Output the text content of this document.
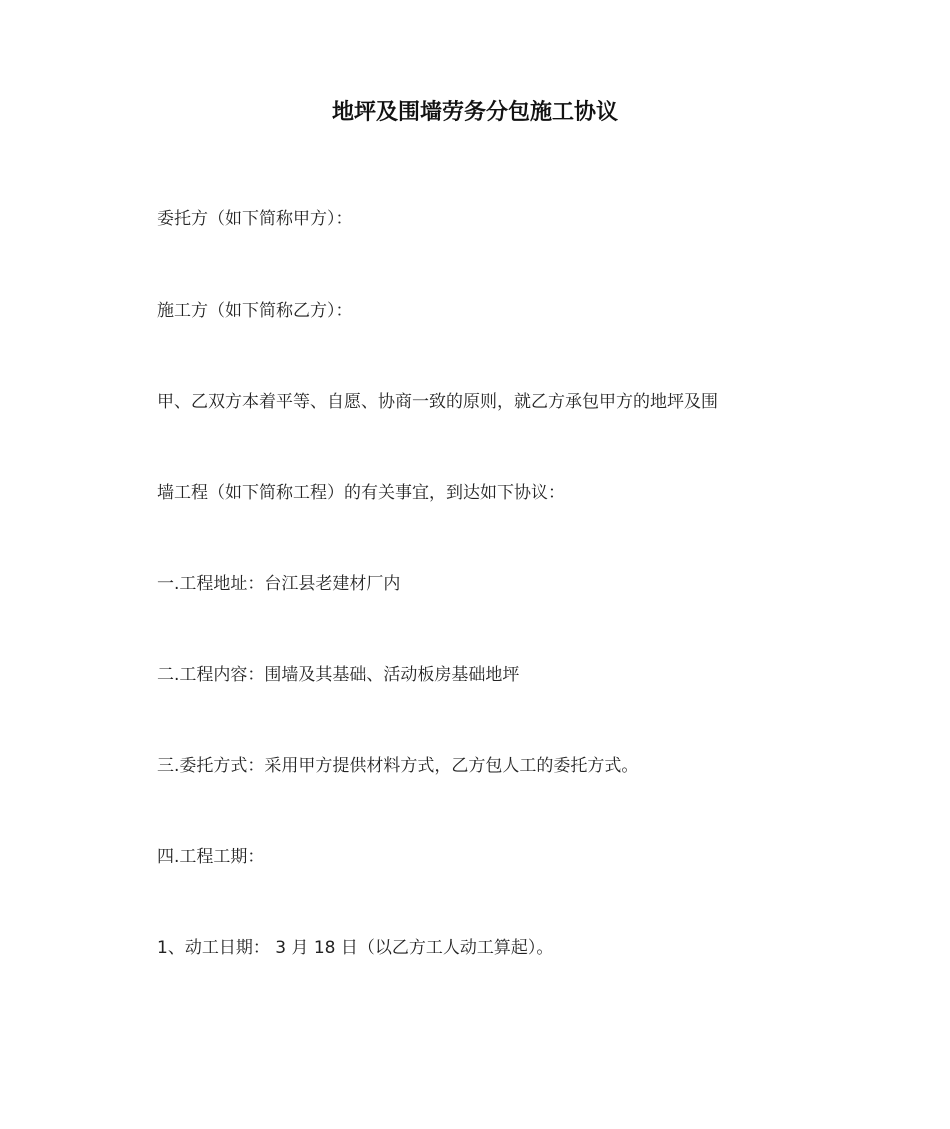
地坪及围墙劳务分包施工协议
委托方（如下简称甲方）：
施工方（如下简称乙方）：
甲、乙双方本着平等、自愿、协商一致的原则，就乙方承包甲方的地坪及围
墙工程（如下简称工程）的有关事宜，到达如下协议：
一.工程地址：台江县老建材厂内
二.工程内容：围墙及其基础、活动板房基础地坪
三.委托方式：采用甲方提供材料方式，乙方包人工的委托方式。
四.工程工期：
1、动工日期： 3 月 18 日（以乙方工人动工算起）。
